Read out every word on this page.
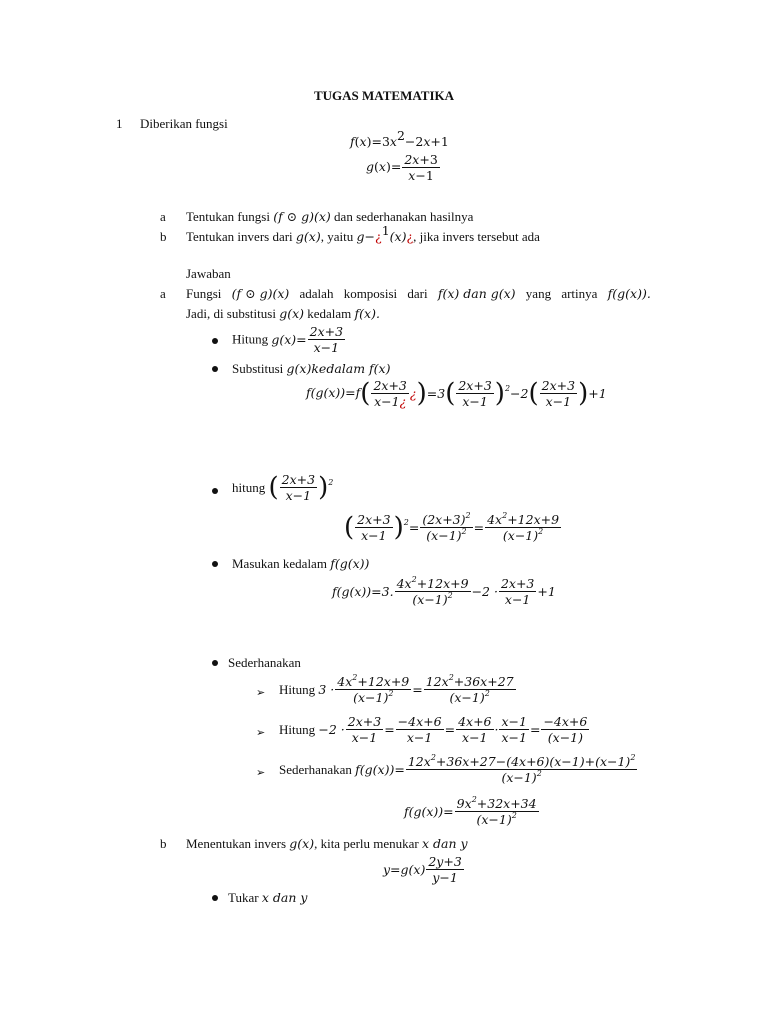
TUGAS MATEMATIKA
1 Diberikan fungsi
$f(x)=3x^2-2x+1$
$g(x)= \frac{2x+3}{x-1}$
a Tentukan fungsi (f ⊙ g)(x) dan sederhanakan hasilnya
b Tentukan invers dari g(x), yaitu g−¿$^1$(x)¿, jika invers tersebut ada
Jawaban
a Fungsi (f ⊙ g)(x) adalah komposisi dari f(x) dan g(x) yang artinya f(g(x)).
Jadi, di substitusi g(x) kedalam f(x).
Hitung $g(x)= \frac{2x+3}{x-1}$
Substitusi g(x)kedalam f(x)
$f(g(x))=f( \frac{2x+3}{x-1¿}$ ¿)$=3( \frac{2x+3}{x-1} )^2-2( \frac{2x+3}{x-1} )+1$
hitung ( $\frac{2x+3}{x-1} )^2$
( $\frac{2x+3}{x-1} )^2= \frac{(2x+3)^2}{(x-1)^2} = \frac{4x^2+12x+9}{(x-1)^2}$
Masukan kedalam f(g(x))
f(g(x))=3. $\frac{4x^2+12x+9}{(x-1)^2} -2 \cdot \frac{2x+3}{x-1} +1$
Sederhanakan
➢ Hitung $3 \cdot \frac{4x^2+12x+9}{(x-1)^2} = \frac{12x^2+36x+27}{(x-1)^2}$
➢ Hitung $-2 \cdot \frac{2x+3}{x-1} = \frac{-4x+6}{x-1} = \frac{4x+6}{x-1} \cdot \frac{x-1}{x-1} = \frac{-4x+6}{(x-1)}$
➢ Sederhanakan $f(g(x))= \frac{12x^2+36x+27-(4x+6)(x-1)+(x-1)^2}{(x-1)^2}$
$f(g(x))= \frac{9x^2+32x+34}{(x-1)^2}$
b Menentukan invers g(x), kita perlu menukar x dan y
$y=g(x) \frac{2y+3}{y-1}$
Tukar x dan y
